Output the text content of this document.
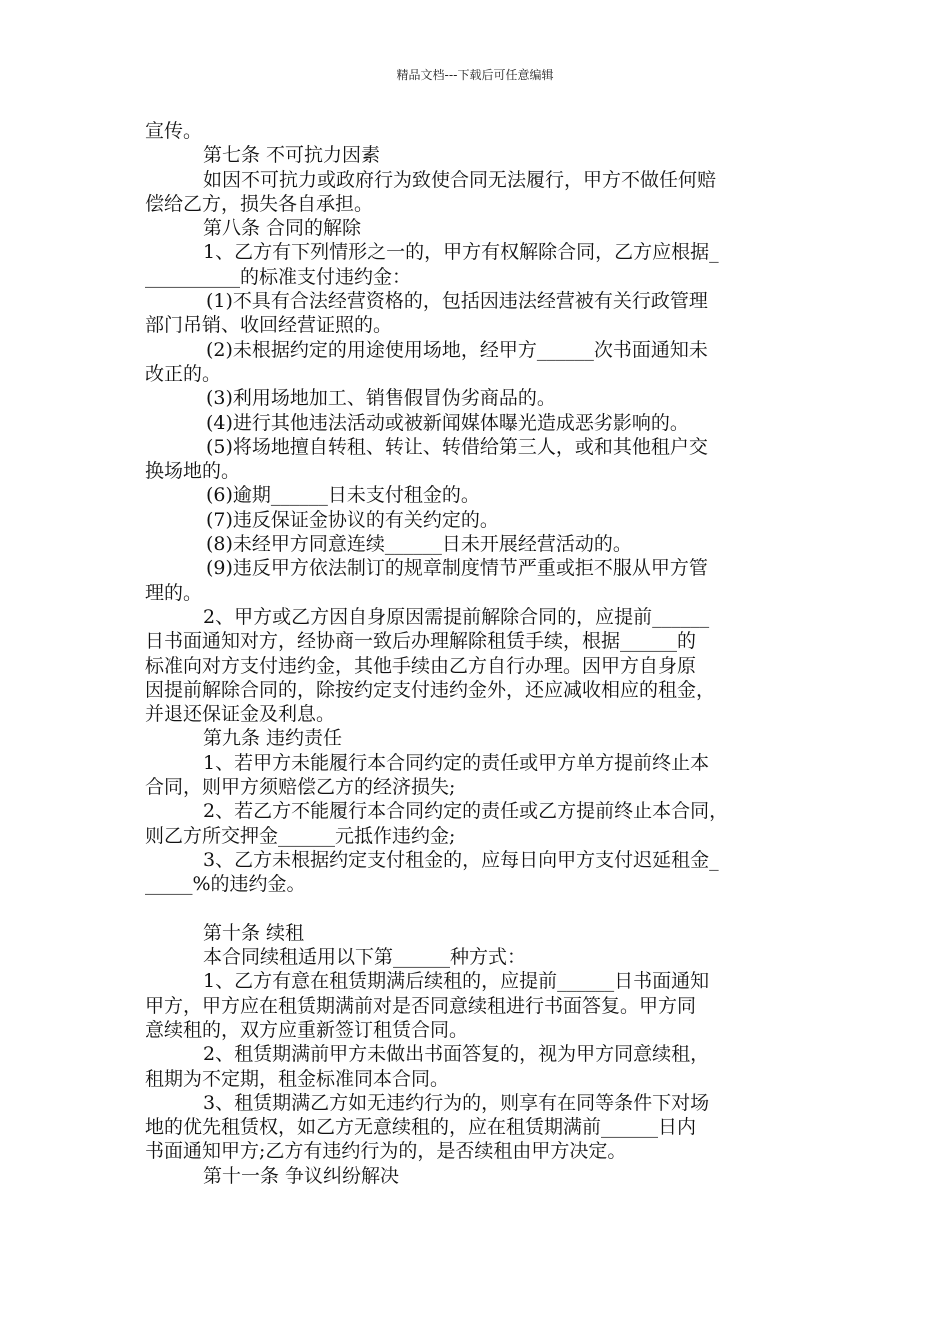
精品文档---下载后可任意编辑
宣传。
第七条 不可抗力因素
如因不可抗力或政府行为致使合同无法履行，甲方不做任何赔
偿给乙方，损失各自承担。
第八条 合同的解除
1、乙方有下列情形之一的，甲方有权解除合同，乙方应根据_
__________的标准支付违约金：
(1)不具有合法经营资格的，包括因违法经营被有关行政管理
部门吊销、收回经营证照的。
(2)未根据约定的用途使用场地，经甲方______次书面通知未
改正的。
(3)利用场地加工、销售假冒伪劣商品的。
(4)进行其他违法活动或被新闻媒体曝光造成恶劣影响的。
(5)将场地擅自转租、转让、转借给第三人，或和其他租户交
换场地的。
(6)逾期______日未支付租金的。
(7)违反保证金协议的有关约定的。
(8)未经甲方同意连续______日未开展经营活动的。
(9)违反甲方依法制订的规章制度情节严重或拒不服从甲方管
理的。
2、甲方或乙方因自身原因需提前解除合同的，应提前______
日书面通知对方，经协商一致后办理解除租赁手续，根据______的
标准向对方支付违约金，其他手续由乙方自行办理。因甲方自身原
因提前解除合同的，除按约定支付违约金外，还应减收相应的租金，
并退还保证金及利息。
第九条 违约责任
1、若甲方未能履行本合同约定的责任或甲方单方提前终止本
合同，则甲方须赔偿乙方的经济损失;
2、若乙方不能履行本合同约定的责任或乙方提前终止本合同，
则乙方所交押金______元抵作违约金;
3、乙方未根据约定支付租金的，应每日向甲方支付迟延租金_
_____%的违约金。
第十条 续租
本合同续租适用以下第______种方式：
1、乙方有意在租赁期满后续租的，应提前______日书面通知
甲方，甲方应在租赁期满前对是否同意续租进行书面答复。甲方同
意续租的，双方应重新签订租赁合同。
2、租赁期满前甲方未做出书面答复的，视为甲方同意续租，
租期为不定期，租金标准同本合同。
3、租赁期满乙方如无违约行为的，则享有在同等条件下对场
地的优先租赁权，如乙方无意续租的，应在租赁期满前______日内
书面通知甲方;乙方有违约行为的，是否续租由甲方决定。
第十一条 争议纠纷解决
